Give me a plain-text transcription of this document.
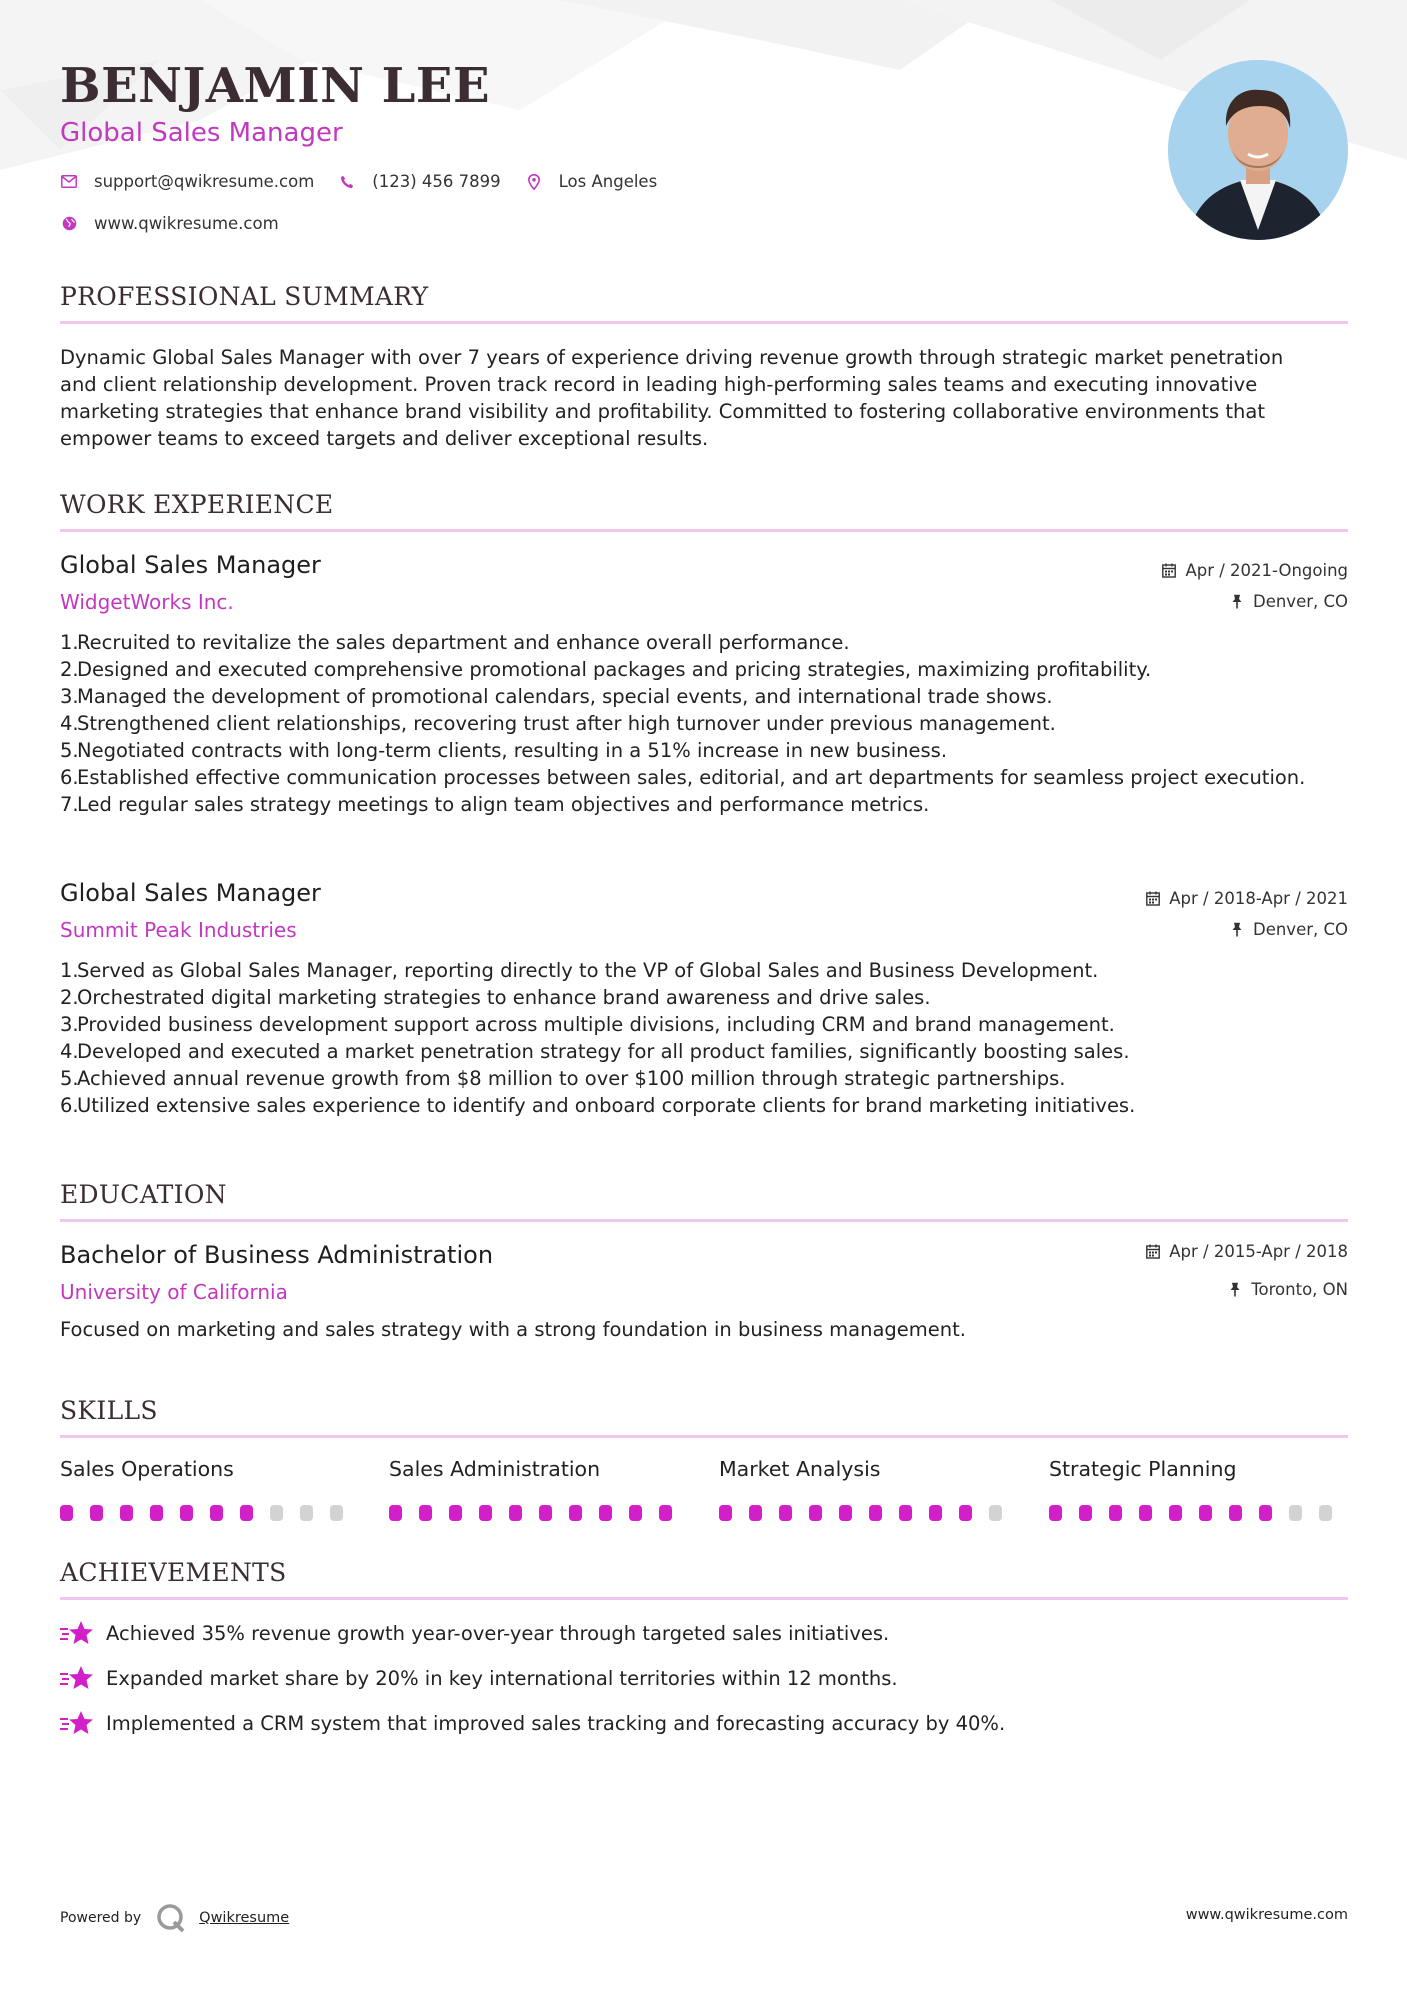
BENJAMIN LEE
Global Sales Manager
support@qwikresume.com	(123) 456 7899	Los Angeles
www.qwikresume.com
PROFESSIONAL SUMMARY
Dynamic Global Sales Manager with over 7 years of experience driving revenue growth through strategic market penetration and client relationship development. Proven track record in leading high-performing sales teams and executing innovative marketing strategies that enhance brand visibility and profitability. Committed to fostering collaborative environments that empower teams to exceed targets and deliver exceptional results.
WORK EXPERIENCE
Global Sales Manager
WidgetWorks Inc.
Apr / 2021-Ongoing
Denver, CO
1.
Recruited to revitalize the sales department and enhance overall performance.
2.
Designed and executed comprehensive promotional packages and pricing strategies, maximizing profitability.
3.
Managed the development of promotional calendars, special events, and international trade shows.
4.
Strengthened client relationships, recovering trust after high turnover under previous management.
5.
Negotiated contracts with long-term clients, resulting in a 51% increase in new business.
6.
Established effective communication processes between sales, editorial, and art departments for seamless project execution.
7.
Led regular sales strategy meetings to align team objectives and performance metrics.
Global Sales Manager
Summit Peak Industries
Apr / 2018-Apr / 2021
Denver, CO
1.
Served as Global Sales Manager, reporting directly to the VP of Global Sales and Business Development.
2.
Orchestrated digital marketing strategies to enhance brand awareness and drive sales.
3.
Provided business development support across multiple divisions, including CRM and brand management.
4.
Developed and executed a market penetration strategy for all product families, significantly boosting sales.
5.
Achieved annual revenue growth from $8 million to over $100 million through strategic partnerships.
6.
Utilized extensive sales experience to identify and onboard corporate clients for brand marketing initiatives.
EDUCATION
Bachelor of Business Administration
University of California
Apr / 2015-Apr / 2018
Toronto, ON
Focused on marketing and sales strategy with a strong foundation in business management.
SKILLS
Sales Operations	Sales Administration	Market Analysis	Strategic Planning
ACHIEVEMENTS
Achieved 35% revenue growth year-over-year through targeted sales initiatives.
Expanded market share by 20% in key international territories within 12 months.
Implemented a CRM system that improved sales tracking and forecasting accuracy by 40%.
Powered by	Qwikresume	www.qwikresume.com
